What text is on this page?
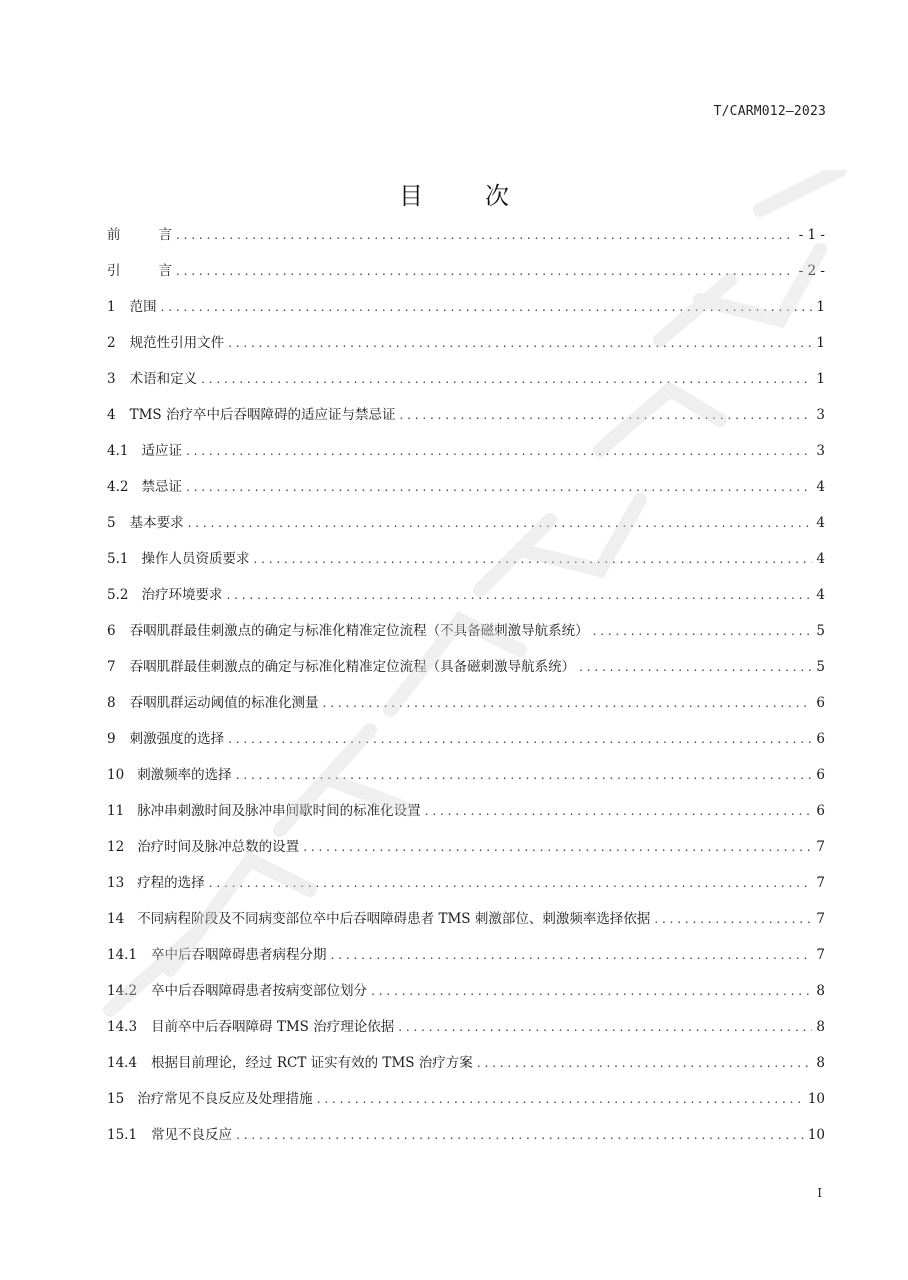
T/CARM012—2023
目	次
前	言 . . .	- 1 -
引	言 . . .	- 2 -
1 范围 . . .	1
2 规范性引用文件 . . .	1
3 术语和定义 . . .	1
4 TMS 治疗卒中后吞咽障碍的适应证与禁忌证 . . .	3
4.1 适应证 . . .	3
4.2 禁忌证 . . .	4
5 基本要求 . . .	4
5.1 操作人员资质要求 . . .	4
5.2 治疗环境要求 . . .	4
6 吞咽肌群最佳刺激点的确定与标准化精准定位流程（不具备磁刺激导航系统） . . .	5
7 吞咽肌群最佳刺激点的确定与标准化精准定位流程（具备磁刺激导航系统） . . .	5
8 吞咽肌群运动阈值的标准化测量 . . .	6
9 刺激强度的选择 . . .	6
10 刺激频率的选择 . . .	6
11 脉冲串刺激时间及脉冲串间歇时间的标准化设置 . . .	6
12 治疗时间及脉冲总数的设置 . . .	7
13 疗程的选择 . . .	7
14 不同病程阶段及不同病变部位卒中后吞咽障碍患者 TMS 刺激部位、刺激频率选择依据 . . .	7
14.1 卒中后吞咽障碍患者病程分期 . . .	7
14.2 卒中后吞咽障碍患者按病变部位划分 . . .	8
14.3 目前卒中后吞咽障碍 TMS 治疗理论依据 . . .	8
14.4 根据目前理论，经过 RCT 证实有效的 TMS 治疗方案 . . .	8
15 治疗常见不良反应及处理措施 . . .	10
15.1 常见不良反应 . . .	10
I
